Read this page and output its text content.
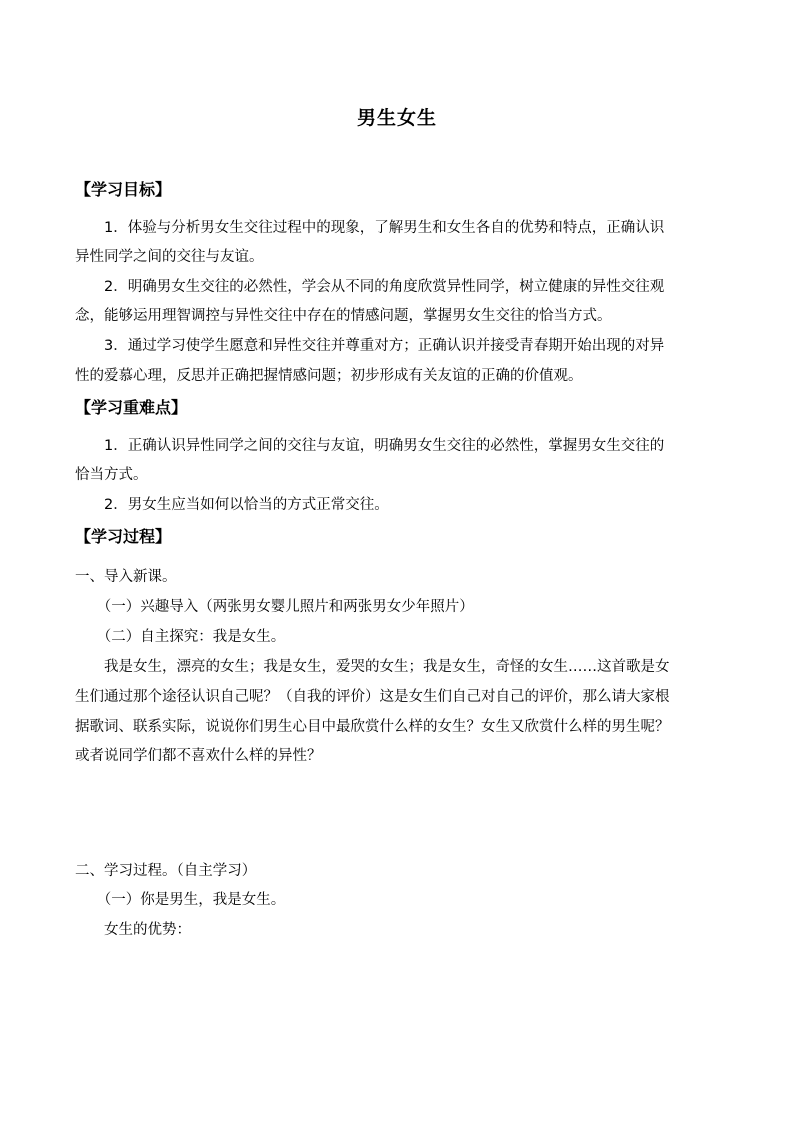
男生女生
【学习目标】
　　1．体验与分析男女生交往过程中的现象，了解男生和女生各自的优势和特点，正确认识
异性同学之间的交往与友谊。
　　2．明确男女生交往的必然性，学会从不同的角度欣赏异性同学，树立健康的异性交往观
念，能够运用理智调控与异性交往中存在的情感问题，掌握男女生交往的恰当方式。
　　3．通过学习使学生愿意和异性交往并尊重对方；正确认识并接受青春期开始出现的对异
性的爱慕心理，反思并正确把握情感问题；初步形成有关友谊的正确的价值观。
【学习重难点】
　　1．正确认识异性同学之间的交往与友谊，明确男女生交往的必然性，掌握男女生交往的
恰当方式。
　　2．男女生应当如何以恰当的方式正常交往。
【学习过程】
一、导入新课。
　　（一）兴趣导入（两张男女婴儿照片和两张男女少年照片）
　　（二）自主探究：我是女生。
　　我是女生，漂亮的女生；我是女生，爱哭的女生；我是女生，奇怪的女生……这首歌是女
生们通过那个途径认识自己呢？（自我的评价）这是女生们自己对自己的评价，那么请大家根
据歌词、联系实际，说说你们男生心目中最欣赏什么样的女生？女生又欣赏什么样的男生呢？
或者说同学们都不喜欢什么样的异性？
二、学习过程。（自主学习）
　　（一）你是男生，我是女生。
　　女生的优势：
